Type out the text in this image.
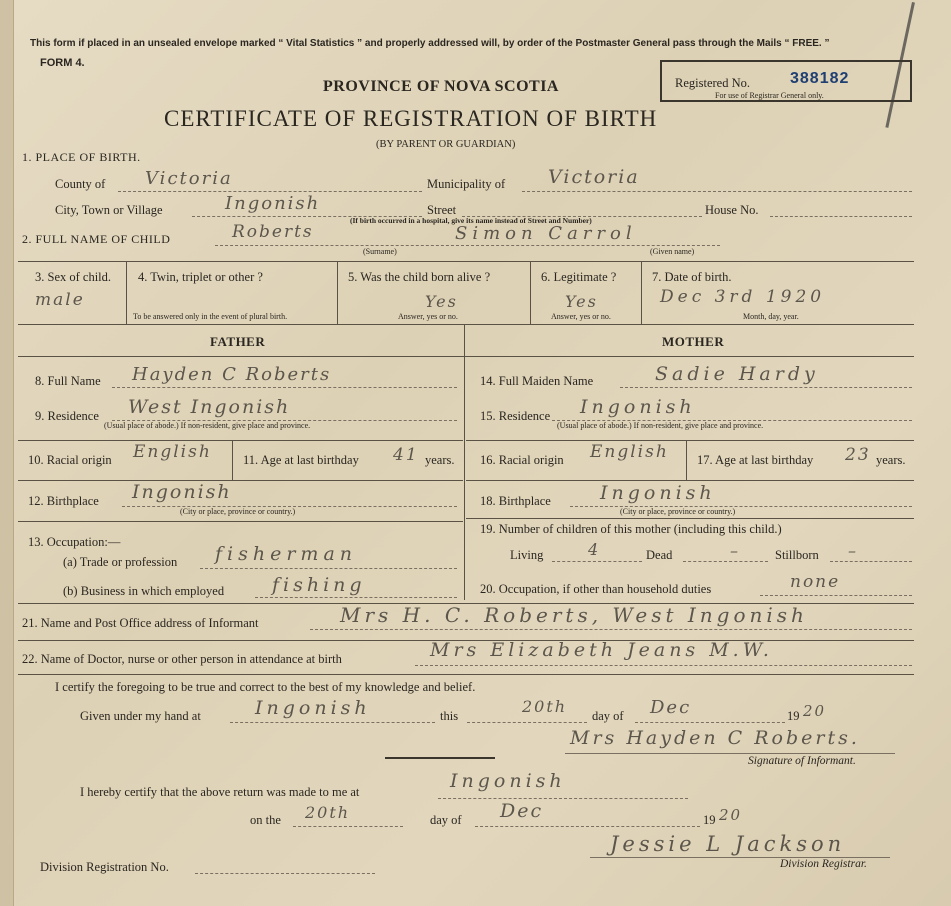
This form if placed in an unsealed envelope marked “ Vital Statistics ” and properly addressed will, by order of the Postmaster General pass through the Mails “ FREE. ”
FORM 4.
PROVINCE OF NOVA SCOTIA
CERTIFICATE OF REGISTRATION OF BIRTH
(BY PARENT OR GUARDIAN)
Registered No.	388182
For use of Registrar General only.
1. PLACE OF BIRTH.
County of Victoria	Municipality of Victoria
City, Town or Village	Ingonish	Street	House No.
(If birth occurred in a hospital, give its name instead of Street and Number)
2. FULL NAME OF CHILD	Roberts	Simon Carrol
(Surname)	(Given name)
3. Sex of child.
male
4. Twin, triplet or other ?
To be answered only in the event of plural birth.
5. Was the child born alive ?
Yes
Answer, yes or no.
6. Legitimate ?
Yes
Answer, yes or no.
7. Date of birth.
Dec 3rd 1920
Month, day, year.
FATHER	MOTHER
8. Full Name Hayden C Roberts
9. Residence West Ingonish
(Usual place of abode.) If non-resident, give place and province.
10. Racial origin English 11. Age at last birthday 41 years.
12. Birthplace Ingonish
(City or place, province or country.)
13. Occupation:—
(a) Trade or profession fisherman
(b) Business in which employed	fishing
14. Full Maiden Name	Sadie Hardy
15. Residence Ingonish
(Usual place of abode.) If non-resident, give place and province.
16. Racial origin English 17. Age at last birthday 23 years.
18. Birthplace	Ingonish
(City or place, province or country.)
19. Number of children of this mother (including this child.)
Living	4	Dead	–	Stillborn –
20. Occupation, if other than household duties	none
21. Name and Post Office address of Informant	Mrs H. C. Roberts, West Ingonish
22. Name of Doctor, nurse or other person in attendance at birth	Mrs Elizabeth Jeans M.W.
I certify the foregoing to be true and correct to the best of my knowledge and belief.
Given under my hand at	Ingonish	this	20th day of Dec	19 20
Mrs Hayden C Roberts.
Signature of Informant.
I hereby certify that the above return was made to me at	Ingonish
on the 20th	day of Dec	19 20
Division Registration No.
Jessie L Jackson
Division Registrar.
